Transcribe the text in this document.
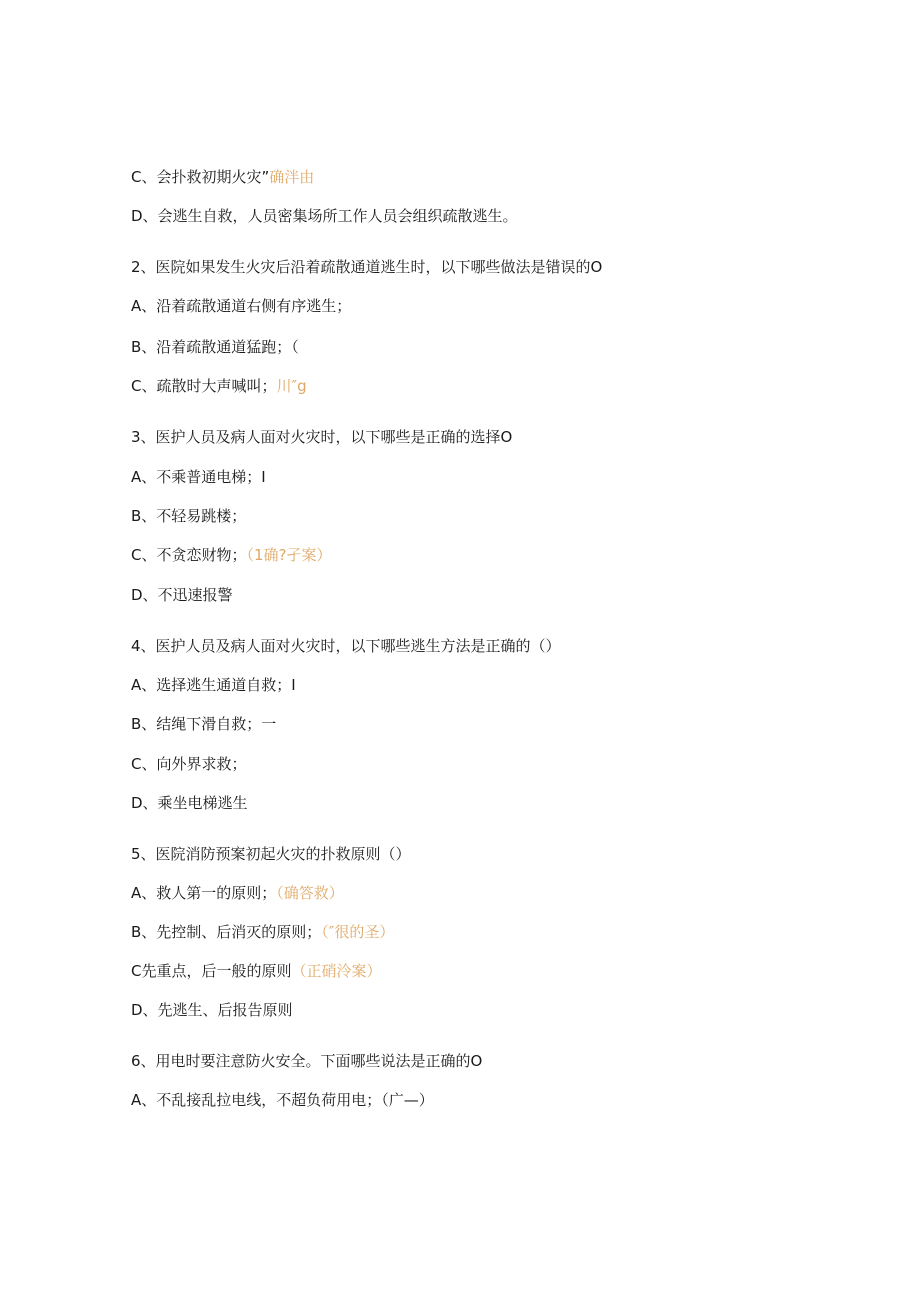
C、会扑救初期火灾”确泮由
D、会逃生自救，人员密集场所工作人员会组织疏散逃生。
2、医院如果发生火灾后沿着疏散通道逃生时，以下哪些做法是错误的O
A、沿着疏散通道右侧有序逃生；
B、沿着疏散通道猛跑；（
C、疏散时大声喊叫；川″g
3、医护人员及病人面对火灾时，以下哪些是正确的选择O
A、不乘普通电梯；I
B、不轻易跳楼；
C、不贪恋财物；（1确?孑案）
D、不迅速报警
4、医护人员及病人面对火灾时，以下哪些逃生方法是正确的（）
A、选择逃生通道自救；I
B、结绳下滑自救；一
C、向外界求救；
D、乘坐电梯逃生
5、医院消防预案初起火灾的扑救原则（）
A、救人第一的原则；（确答救）
B、先控制、后消灭的原则；（″很的圣）
C先重点，后一般的原则（正硝泠案）
D、先逃生、后报告原则
6、用电时要注意防火安全。下面哪些说法是正确的O
A、不乱接乱拉电线，不超负荷用电；（广—）
